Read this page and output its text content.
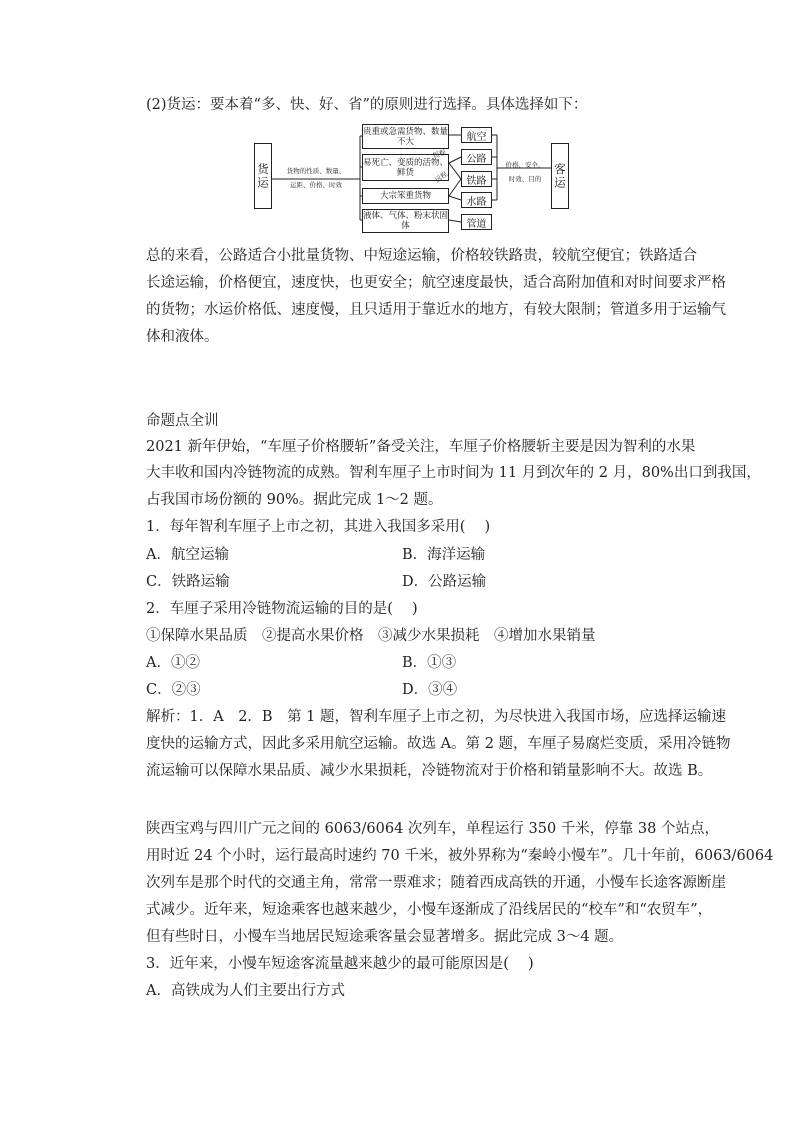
(2)货运：要本着“多、快、好、省”的原则进行选择。具体选择如下：
货运	货物的性质、数量、
运距、价格、时效
贵重或急需货物、数量不大
易死亡、变质的活物、鲜货
大宗笨重货物
液体、气体、粉末状固体
短程
远程
航空
公路
铁路
水路
管道
价格、安全、
时效、目的	客运
总的来看，公路适合小批量货物、中短途运输，价格较铁路贵，较航空便宜；铁路适合
长途运输，价格便宜，速度快，也更安全；航空速度最快，适合高附加值和对时间要求严格
的货物；水运价格低、速度慢，且只适用于靠近水的地方，有较大限制；管道多用于运输气
体和液体。
命题点全训
2021 新年伊始，“车厘子价格腰斩”备受关注，车厘子价格腰斩主要是因为智利的水果
大丰收和国内冷链物流的成熟。智利车厘子上市时间为 11 月到次年的 2 月，80%出口到我国，
占我国市场份额的 90%。据此完成 1～2 题。
1．每年智利车厘子上市之初，其进入我国多采用(　 )
A．航空运输	B．海洋运输
C．铁路运输	D．公路运输
2．车厘子采用冷链物流运输的目的是(　 )
①保障水果品质　②提高水果价格　③减少水果损耗　④增加水果销量
A．①②	B．①③
C．②③	D．③④
解析：1．A　2．B　第 1 题，智利车厘子上市之初，为尽快进入我国市场，应选择运输速
度快的运输方式，因此多采用航空运输。故选 A。第 2 题，车厘子易腐烂变质，采用冷链物
流运输可以保障水果品质、减少水果损耗，冷链物流对于价格和销量影响不大。故选 B。
陕西宝鸡与四川广元之间的 6063/6064 次列车，单程运行 350 千米，停靠 38 个站点，
用时近 24 个小时，运行最高时速约 70 千米，被外界称为“秦岭小慢车”。几十年前，6063/6064
次列车是那个时代的交通主角，常常一票难求；随着西成高铁的开通，小慢车长途客源断崖
式减少。近年来，短途乘客也越来越少，小慢车逐渐成了沿线居民的“校车”和“农贸车”，
但有些时日，小慢车当地居民短途乘客量会显著增多。据此完成 3～4 题。
3．近年来，小慢车短途客流量越来越少的最可能原因是(　 )
A．高铁成为人们主要出行方式
